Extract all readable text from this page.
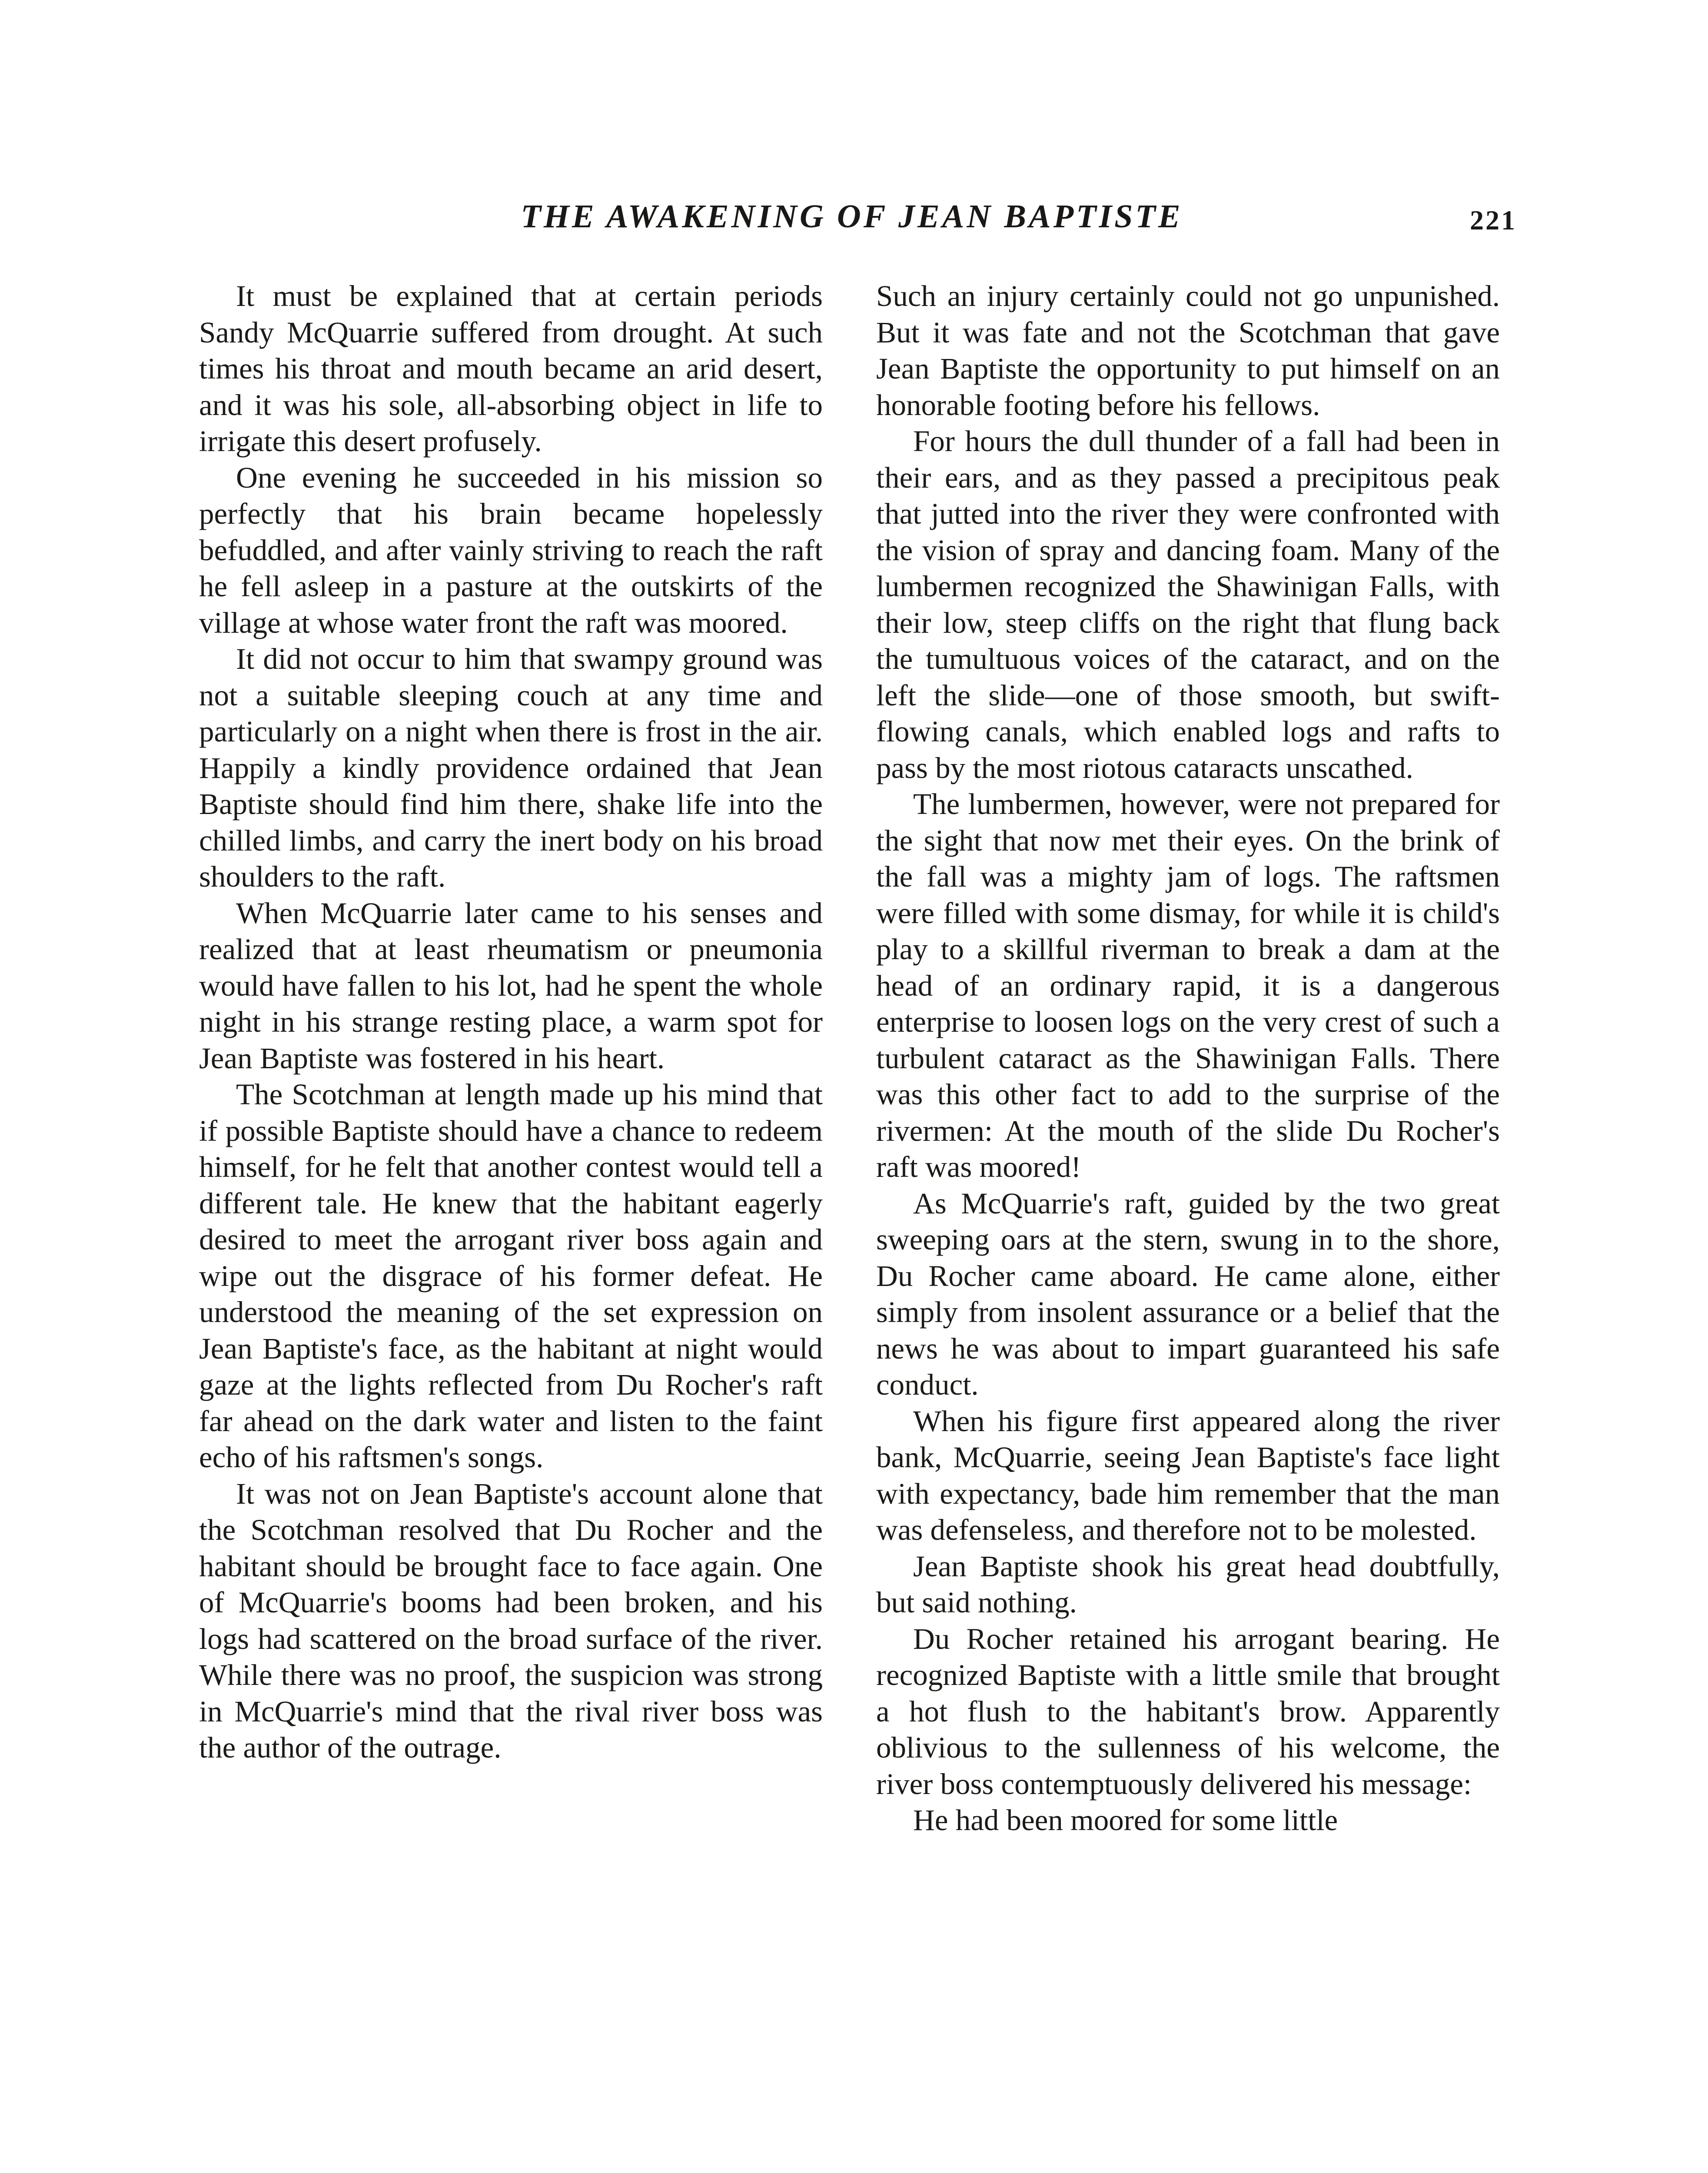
THE AWAKENING OF JEAN BAPTISTE	221

It must be explained that at certain periods Sandy McQuarrie suffered from drought. At such times his throat and mouth became an arid desert, and it was his sole, all-absorbing object in life to irrigate this desert profusely.

One evening he succeeded in his mission so perfectly that his brain became hopelessly befuddled, and after vainly striving to reach the raft he fell asleep in a pasture at the outskirts of the village at whose water front the raft was moored.

It did not occur to him that swampy ground was not a suitable sleeping couch at any time and particularly on a night when there is frost in the air. Happily a kindly providence ordained that Jean Baptiste should find him there, shake life into the chilled limbs, and carry the inert body on his broad shoulders to the raft.

When McQuarrie later came to his senses and realized that at least rheumatism or pneumonia would have fallen to his lot, had he spent the whole night in his strange resting place, a warm spot for Jean Baptiste was fostered in his heart.

The Scotchman at length made up his mind that if possible Baptiste should have a chance to redeem himself, for he felt that another contest would tell a different tale. He knew that the habitant eagerly desired to meet the arrogant river boss again and wipe out the disgrace of his former defeat. He understood the meaning of the set expression on Jean Baptiste's face, as the habitant at night would gaze at the lights reflected from Du Rocher's raft far ahead on the dark water and listen to the faint echo of his raftsmen's songs.

It was not on Jean Baptiste's account alone that the Scotchman resolved that Du Rocher and the habitant should be brought face to face again. One of McQuarrie's booms had been broken, and his logs had scattered on the broad surface of the river. While there was no proof, the suspicion was strong in McQuarrie's mind that the rival river boss was the author of the outrage.

Such an injury certainly could not go unpunished. But it was fate and not the Scotchman that gave Jean Baptiste the opportunity to put himself on an honorable footing before his fellows.

For hours the dull thunder of a fall had been in their ears, and as they passed a precipitous peak that jutted into the river they were confronted with the vision of spray and dancing foam. Many of the lumbermen recognized the Shawinigan Falls, with their low, steep cliffs on the right that flung back the tumultuous voices of the cataract, and on the left the slide—one of those smooth, but swift-flowing canals, which enabled logs and rafts to pass by the most riotous cataracts unscathed.

The lumbermen, however, were not prepared for the sight that now met their eyes. On the brink of the fall was a mighty jam of logs. The raftsmen were filled with some dismay, for while it is child's play to a skillful riverman to break a dam at the head of an ordinary rapid, it is a dangerous enterprise to loosen logs on the very crest of such a turbulent cataract as the Shawinigan Falls. There was this other fact to add to the surprise of the rivermen: At the mouth of the slide Du Rocher's raft was moored!

As McQuarrie's raft, guided by the two great sweeping oars at the stern, swung in to the shore, Du Rocher came aboard. He came alone, either simply from insolent assurance or a belief that the news he was about to impart guaranteed his safe conduct.

When his figure first appeared along the river bank, McQuarrie, seeing Jean Baptiste's face light with expectancy, bade him remember that the man was defenseless, and therefore not to be molested.

Jean Baptiste shook his great head doubtfully, but said nothing.

Du Rocher retained his arrogant bearing. He recognized Baptiste with a little smile that brought a hot flush to the habitant's brow. Apparently oblivious to the sullenness of his welcome, the river boss contemptuously delivered his message:

He had been moored for some little
